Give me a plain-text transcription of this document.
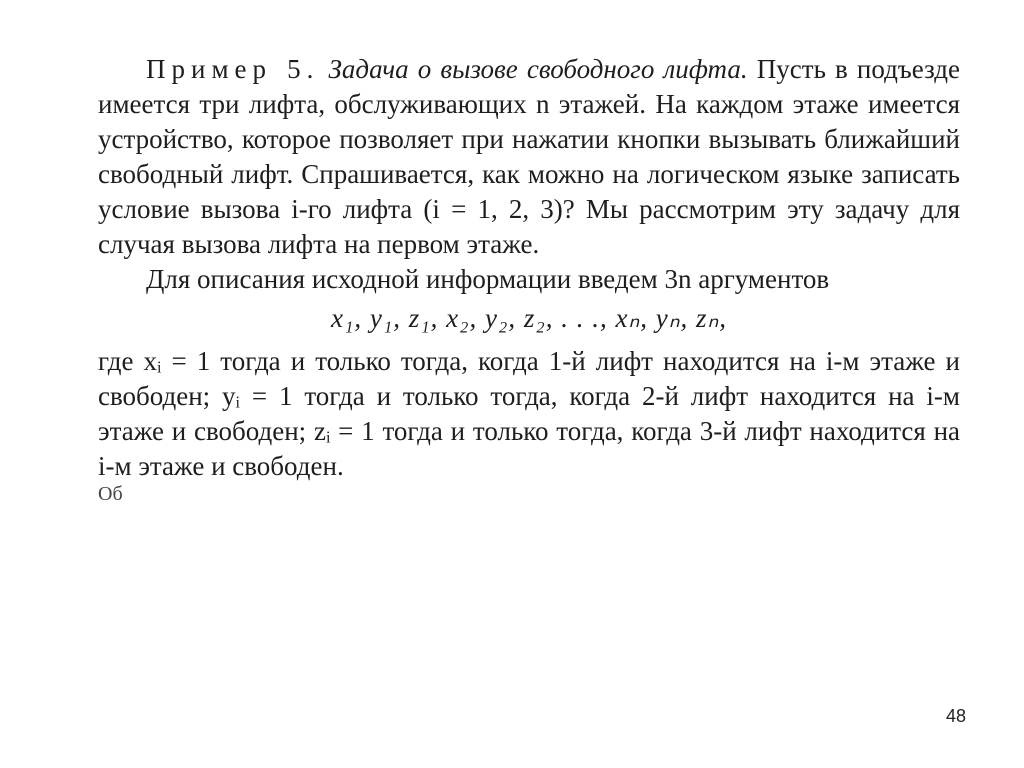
Пример 5. Задача о вызове свободного лифта. Пусть в подъезде имеется три лифта, обслуживающих n этажей. На каждом этаже имеется устройство, которое позволяет при нажатии кнопки вызывать ближайший свободный лифт. Спрашивается, как можно на логическом языке записать условие вызова i-го лифта (i = 1, 2, 3)? Мы рассмотрим эту задачу для случая вызова лифта на первом этаже.

Для описания исходной информации введем 3n аргументов

x₁, y₁, z₁, x₂, y₂, z₂, . . ., xₙ, yₙ, zₙ,

где xᵢ = 1 тогда и только тогда, когда 1-й лифт находится на i-м этаже и свободен; yᵢ = 1 тогда и только тогда, когда 2-й лифт находится на i-м этаже и свободен; zᵢ = 1 тогда и только тогда, когда 3-й лифт находится на i-м этаже и свободен.

Об
48
